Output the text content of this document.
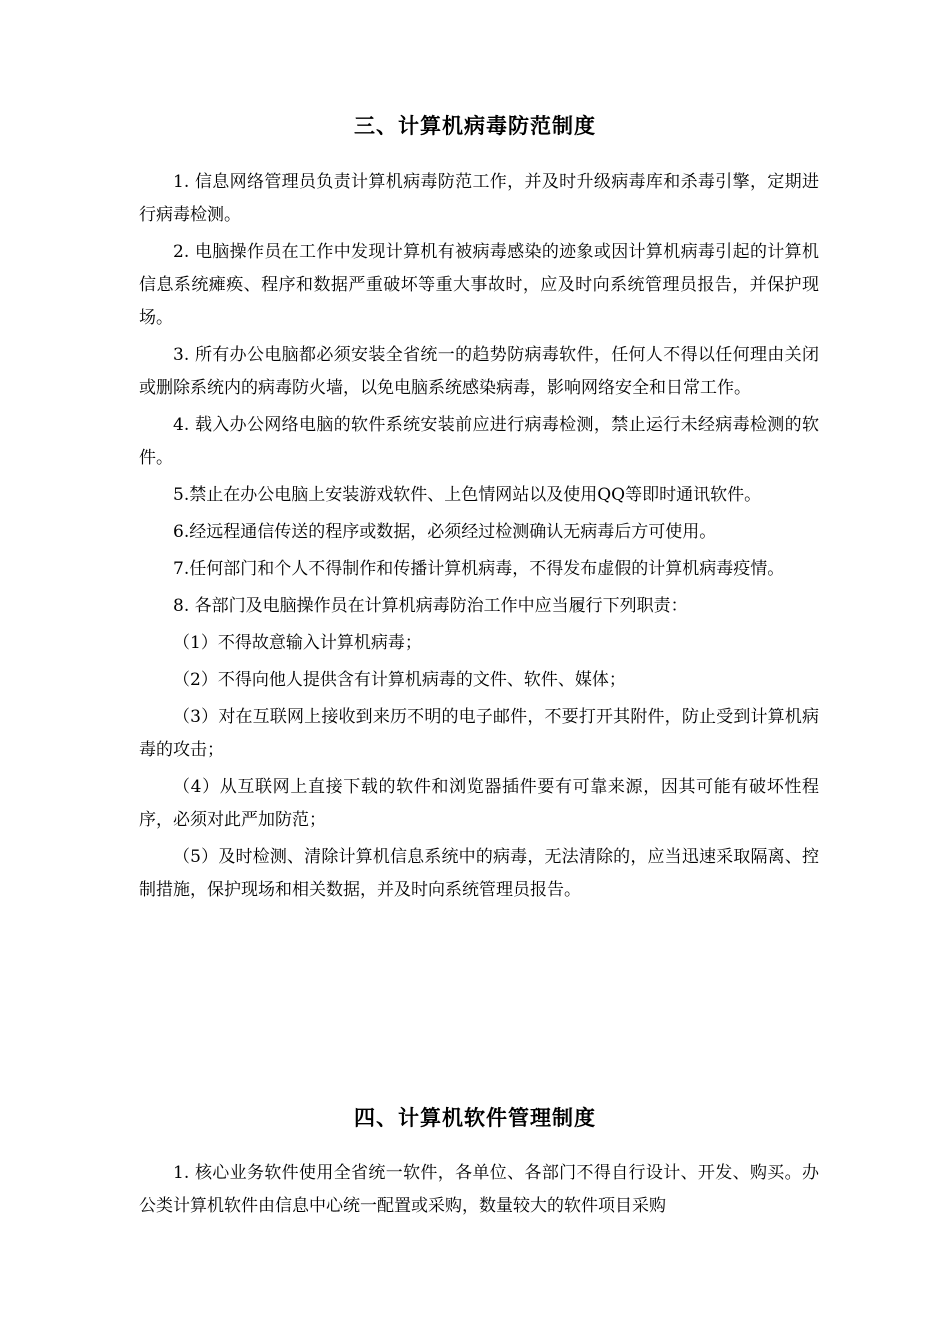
三、计算机病毒防范制度

1. 信息网络管理员负责计算机病毒防范工作，并及时升级病毒库和杀毒引擎，定期进行病毒检测。

2. 电脑操作员在工作中发现计算机有被病毒感染的迹象或因计算机病毒引起的计算机信息系统瘫痪、程序和数据严重破坏等重大事故时，应及时向系统管理员报告，并保护现场。

3. 所有办公电脑都必须安装全省统一的趋势防病毒软件，任何人不得以任何理由关闭或删除系统内的病毒防火墙，以免电脑系统感染病毒，影响网络安全和日常工作。

4. 载入办公网络电脑的软件系统安装前应进行病毒检测，禁止运行未经病毒检测的软件。

5.禁止在办公电脑上安装游戏软件、上色情网站以及使用QQ等即时通讯软件。

6.经远程通信传送的程序或数据，必须经过检测确认无病毒后方可使用。

7.任何部门和个人不得制作和传播计算机病毒，不得发布虚假的计算机病毒疫情。

8. 各部门及电脑操作员在计算机病毒防治工作中应当履行下列职责：

（1）不得故意输入计算机病毒；

（2）不得向他人提供含有计算机病毒的文件、软件、媒体；

（3）对在互联网上接收到来历不明的电子邮件，不要打开其附件，防止受到计算机病毒的攻击；

（4）从互联网上直接下载的软件和浏览器插件要有可靠来源，因其可能有破坏性程序，必须对此严加防范；

（5）及时检测、清除计算机信息系统中的病毒，无法清除的，应当迅速采取隔离、控制措施，保护现场和相关数据，并及时向系统管理员报告。

四、计算机软件管理制度

1. 核心业务软件使用全省统一软件，各单位、各部门不得自行设计、开发、购买。办公类计算机软件由信息中心统一配置或采购，数量较大的软件项目采购
